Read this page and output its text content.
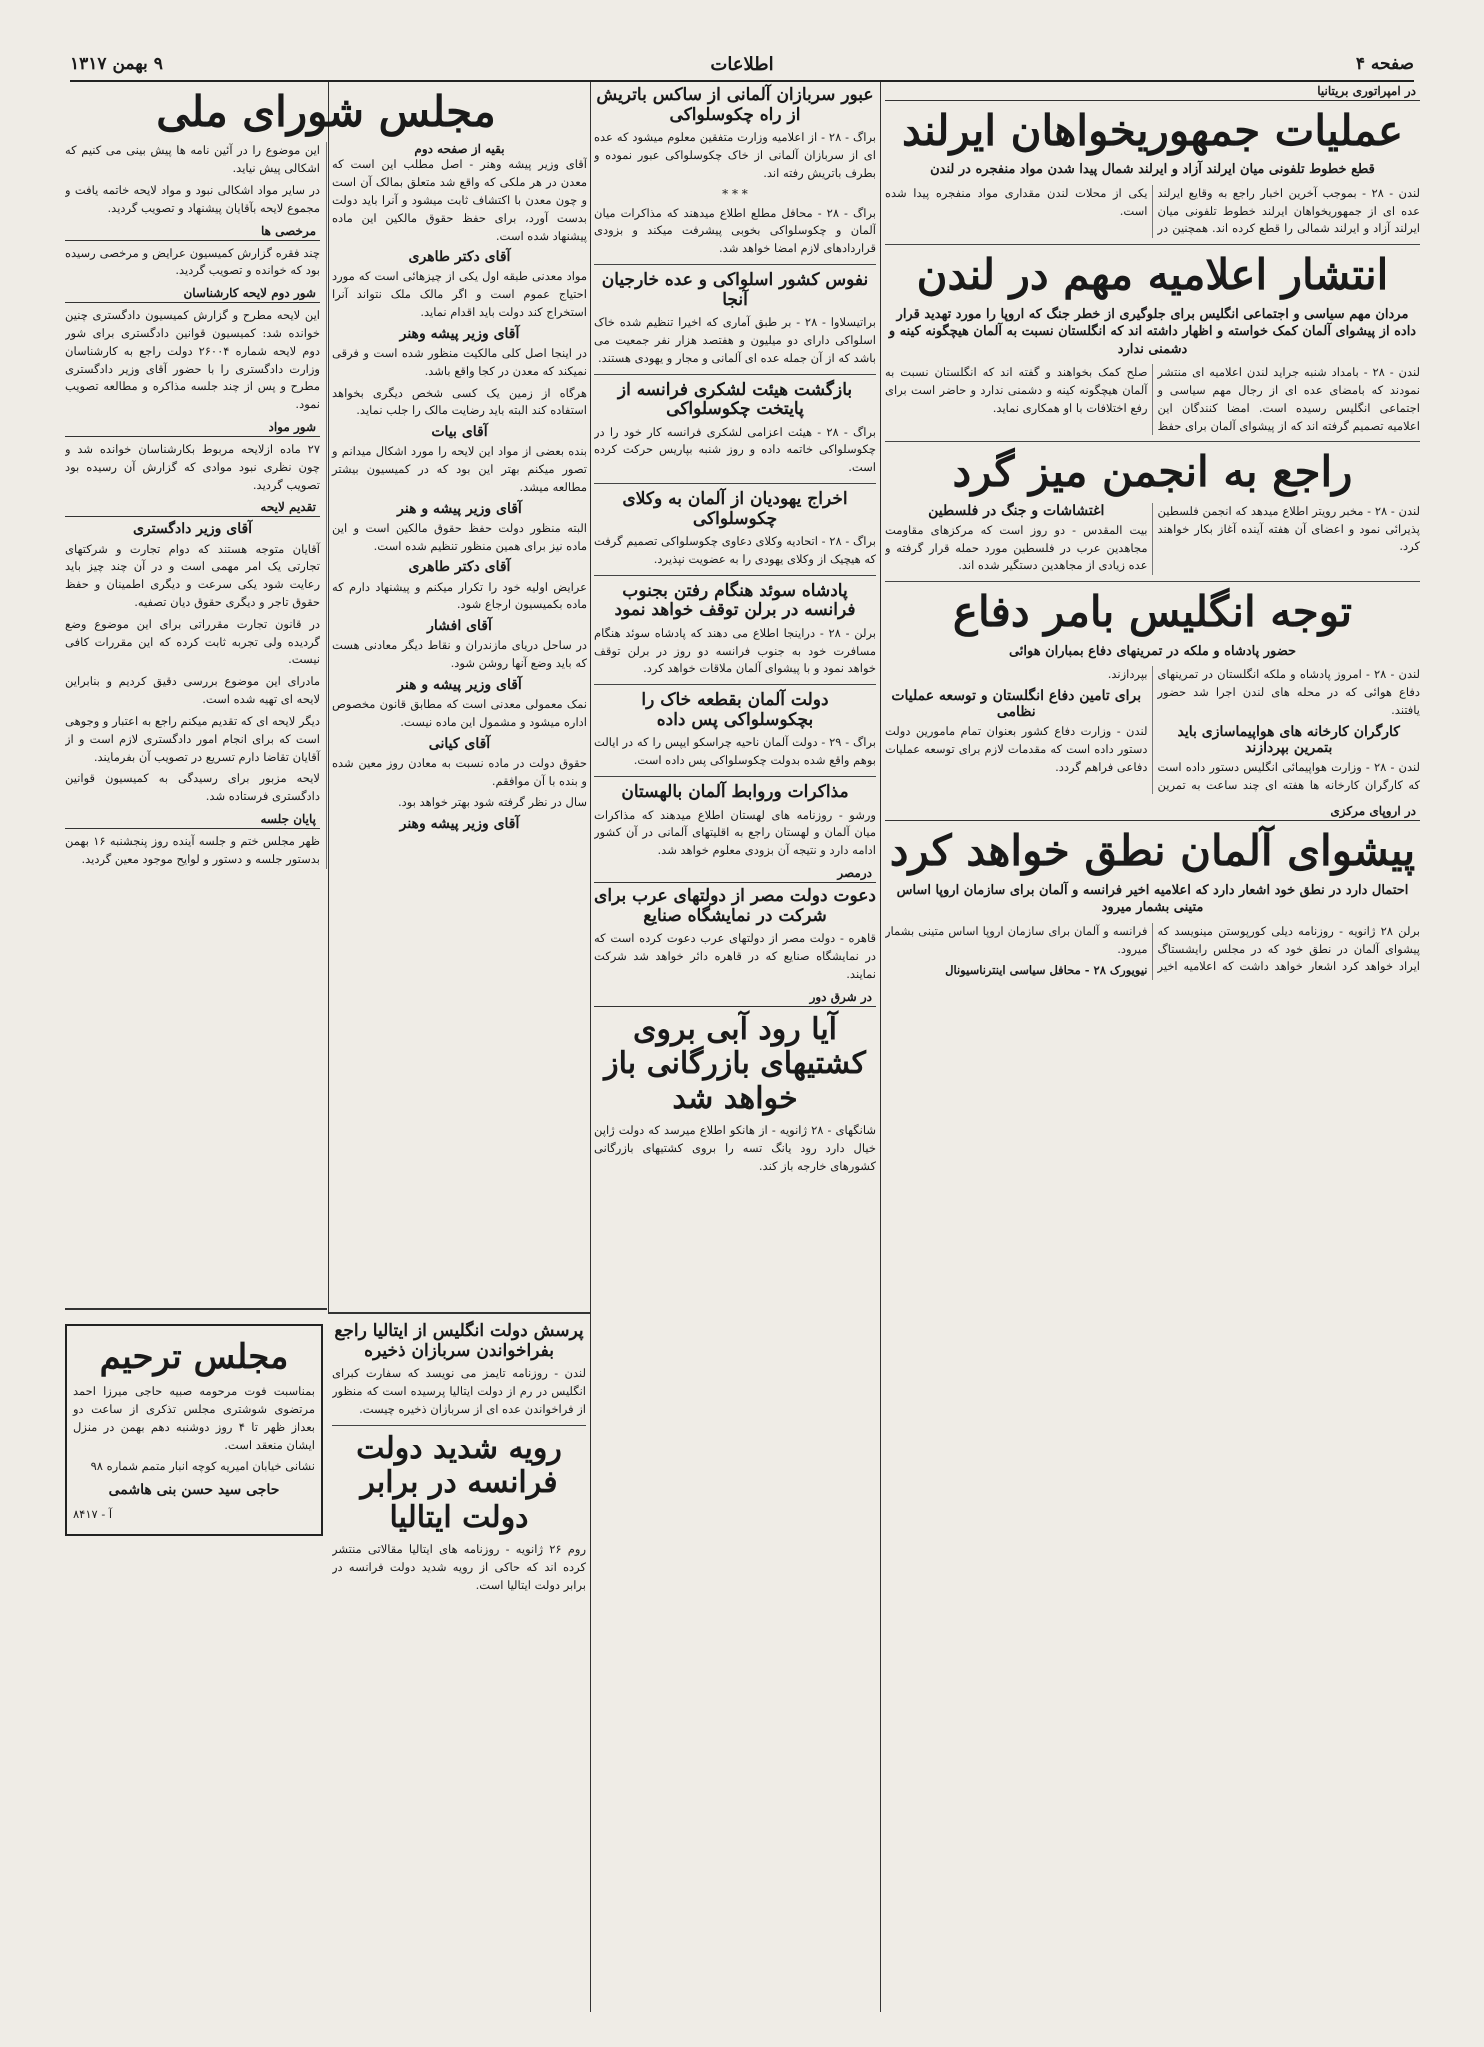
صفحه ۴
اطلاعات
۹ بهمن ۱۳۱۷
در امپراتوری بریتانیا
عملیات جمهوریخواهان ایرلند
قطع خطوط تلفونی میان ایرلند آزاد و ایرلند شمال پیدا شدن مواد منفجره در لندن

لندن - ۲۸ - بموجب آخرین اخبار راجع به وقایع ایرلند عده ای از جمهوریخواهان ایرلند خطوط تلفونی میان ایرلند آزاد و ایرلند شمالی را قطع کرده اند. همچنین در یکی از محلات لندن مقداری مواد منفجره پیدا شده است.

انتشار اعلامیه مهم در لندن
مردان مهم سیاسی و اجتماعی انگلیس برای جلوگیری از خطر جنگ که اروپا را مورد تهدید قرار داده از پیشوای آلمان کمک خواسته و اظهار داشته اند که انگلستان نسبت به آلمان هیچگونه کینه و دشمنی ندارد

لندن - ۲۸ - بامداد شنبه جراید لندن اعلامیه ای منتشر نمودند که بامضای عده ای از رجال مهم سیاسی و اجتماعی انگلیس رسیده است. امضا کنندگان این اعلامیه تصمیم گرفته اند که از پیشوای آلمان برای حفظ صلح کمک بخواهند و گفته اند که انگلستان نسبت به آلمان هیچگونه کینه و دشمنی ندارد و حاضر است برای رفع اختلافات با او همکاری نماید.

راجع به انجمن میز گرد

لندن - ۲۸ - مخبر رویتر اطلاع میدهد که انجمن فلسطین پذیرائی نمود و اعضای آن هفته آینده آغاز بکار خواهند کرد.

اغتشاشات و جنگ در فلسطین

بیت المقدس - دو روز است که مرکزهای مقاومت مجاهدین عرب در فلسطین مورد حمله قرار گرفته و عده زیادی از مجاهدین دستگیر شده اند.

توجه انگلیس بامر دفاع
حضور پادشاه و ملکه در تمرینهای دفاع بمباران هوائی

لندن - ۲۸ - امروز پادشاه و ملکه انگلستان در تمرینهای دفاع هوائی که در محله های لندن اجرا شد حضور یافتند.

کارگران کارخانه های هواپیماسازی باید بتمرین بپردازند

لندن - ۲۸ - وزارت هواپیمائی انگلیس دستور داده است که کارگران کارخانه ها هفته ای چند ساعت به تمرین بپردازند.

برای تامین دفاع انگلستان و توسعه عملیات نظامی

لندن - وزارت دفاع کشور بعنوان تمام مامورین دولت دستور داده است که مقدمات لازم برای توسعه عملیات دفاعی فراهم گردد.

در اروپای مرکزی
پیشوای آلمان نطق خواهد کرد
احتمال دارد در نطق خود اشعار دارد که اعلامیه اخیر فرانسه و آلمان برای سازمان اروپا اساس متینی بشمار میرود

برلن ۲۸ ژانویه - روزنامه دیلی کورپوستن مینویسد که پیشوای آلمان در نطق خود که در مجلس رایشستاگ ایراد خواهد کرد اشعار خواهد داشت که اعلامیه اخیر فرانسه و آلمان برای سازمان اروپا اساس متینی بشمار میرود.

نیویورک ۲۸ - محافل سیاسی اینترناسیونال

عبور سربازان آلمانی از ساکس باتریش از راه چکوسلواکی

براگ - ۲۸ - از اعلامیه وزارت متفقین معلوم میشود که عده ای از سربازان آلمانی از خاک چکوسلواکی عبور نموده و بطرف باتریش رفته اند.

* * *

براگ - ۲۸ - محافل مطلع اطلاع میدهند که مذاکرات میان آلمان و چکوسلواکی بخوبی پیشرفت میکند و بزودی قراردادهای لازم امضا خواهد شد.

نفوس کشور اسلواکی و عده خارجیان آنجا

براتیسلاوا - ۲۸ - بر طبق آماری که اخیرا تنظیم شده خاک اسلواکی دارای دو میلیون و هفتصد هزار نفر جمعیت می باشد که از آن جمله عده ای آلمانی و مجار و یهودی هستند.

بازگشت هیئت لشکری فرانسه از پایتخت چکوسلواکی

براگ - ۲۸ - هیئت اعزامی لشکری فرانسه کار خود را در چکوسلواکی خاتمه داده و روز شنبه بپاریس حرکت کرده است.

اخراج یهودیان از آلمان به وکلای چکوسلواکی

براگ - ۲۸ - اتحادیه وکلای دعاوی چکوسلواکی تصمیم گرفت که هیچیک از وکلای یهودی را به عضویت نپذیرد.

پادشاه سوئد هنگام رفتن بجنوب فرانسه در برلن توقف خواهد نمود

برلن - ۲۸ - دراینجا اطلاع می دهند که پادشاه سوئد هنگام مسافرت خود به جنوب فرانسه دو روز در برلن توقف خواهد نمود و با پیشوای آلمان ملاقات خواهد کرد.

دولت آلمان بقطعه خاک را بچکوسلواکی پس داده

براگ - ۲۹ - دولت آلمان ناحیه چراسکو ایپس را که در ایالت بوهم واقع شده بدولت چکوسلواکی پس داده است.

مذاکرات وروابط آلمان بالهستان

ورشو - روزنامه های لهستان اطلاع میدهند که مذاکرات میان آلمان و لهستان راجع به اقلیتهای آلمانی در آن کشور ادامه دارد و نتیجه آن بزودی معلوم خواهد شد.

درمصر
دعوت دولت مصر از دولتهای عرب برای شرکت در نمایشگاه صنایع

قاهره - دولت مصر از دولتهای عرب دعوت کرده است که در نمایشگاه صنایع که در قاهره دائر خواهد شد شرکت نمایند.

در شرق دور
آیا رود آبی بروی کشتیهای بازرگانی باز خواهد شد

شانگهای - ۲۸ ژانویه - از هانکو اطلاع میرسد که دولت ژاپن خیال دارد رود یانگ تسه را بروی کشتیهای بازرگانی کشورهای خارجه باز کند.

پرسش دولت انگلیس از ایتالیا راجع بفراخواندن سربازان ذخیره

لندن - روزنامه تایمز می نویسد که سفارت کبرای انگلیس در رم از دولت ایتالیا پرسیده است که منظور از فراخواندن عده ای از سربازان ذخیره چیست.

رویه شدید دولت فرانسه در برابر دولت ایتالیا

روم ۲۶ ژانویه - روزنامه های ایتالیا مقالاتی منتشر کرده اند که حاکی از رویه شدید دولت فرانسه در برابر دولت ایتالیا است.

مجلس شورای ملی
بقیه از صفحه دوم

آقای وزیر پیشه وهنر - اصل مطلب این است که معدن در هر ملکی که واقع شد متعلق بمالک آن است و چون معدن با اکتشاف ثابت میشود و آنرا باید دولت بدست آورد، برای حفظ حقوق مالکین این ماده پیشنهاد شده است.

آقای دکتر طاهری

مواد معدنی طبقه اول یکی از چیزهائی است که مورد احتیاج عموم است و اگر مالک ملک نتواند آنرا استخراج کند دولت باید اقدام نماید.

آقای وزیر پیشه وهنر

در اینجا اصل کلی مالکیت منظور شده است و فرقی نمیکند که معدن در کجا واقع باشد.

هرگاه از زمین یک کسی شخص دیگری بخواهد استفاده کند البته باید رضایت مالک را جلب نماید.

آقای بیات

بنده بعضی از مواد این لایحه را مورد اشکال میدانم و تصور میکنم بهتر این بود که در کمیسیون بیشتر مطالعه میشد.

آقای وزیر پیشه و هنر

البته منظور دولت حفظ حقوق مالکین است و این ماده نیز برای همین منظور تنظیم شده است.

آقای دکتر طاهری

عرایض اولیه خود را تکرار میکنم و پیشنهاد دارم که ماده بکمیسیون ارجاع شود.

آقای افشار

در ساحل دریای مازندران و نقاط دیگر معادنی هست که باید وضع آنها روشن شود.

آقای وزیر پیشه و هنر

نمک معمولی معدنی است که مطابق قانون مخصوص اداره میشود و مشمول این ماده نیست.

آقای کیانی

حقوق دولت در ماده نسبت به معادن روز معین شده و بنده با آن موافقم.

سال در نظر گرفته شود بهتر خواهد بود.

آقای وزیر پیشه وهنر

این موضوع را در آئین نامه ها پیش بینی می کنیم که اشکالی پیش نیاید.

در سایر مواد اشکالی نبود و مواد لایحه خاتمه یافت و مجموع لایحه بآقایان پیشنهاد و تصویب گردید.

مرخصی ها

چند فقره گزارش کمیسیون عرایض و مرخصی رسیده بود که خوانده و تصویب گردید.

شور دوم لایحه کارشناسان

این لایحه مطرح و گزارش کمیسیون دادگستری چنین خوانده شد: کمیسیون قوانین دادگستری برای شور دوم لایحه شماره ۲۶۰۰۴ دولت راجع به کارشناسان وزارت دادگستری را با حضور آقای وزیر دادگستری مطرح و پس از چند جلسه مذاکره و مطالعه تصویب نمود.

شور مواد

۲۷ ماده ازلایحه مربوط بکارشناسان خوانده شد و چون نظری نبود موادی که گزارش آن رسیده بود تصویب گردید.

تقدیم لایحه
آقای وزیر دادگستری

آقایان متوجه هستند که دوام تجارت و شرکتهای تجارتی یک امر مهمی است و در آن چند چیز باید رعایت شود یکی سرعت و دیگری اطمینان و حفظ حقوق تاجر و دیگری حقوق دیان تصفیه.

در قانون تجارت مقرراتی برای این موضوع وضع گردیده ولی تجربه ثابت کرده که این مقررات کافی نیست.

مادرای این موضوع بررسی دقیق کردیم و بنابراین لایحه ای تهیه شده است.

دیگر لایحه ای که تقدیم میکنم راجع به اعتبار و وجوهی است که برای انجام امور دادگستری لازم است و از آقایان تقاضا دارم تسریع در تصویب آن بفرمایند.

لایحه مزبور برای رسیدگی به کمیسیون قوانین دادگستری فرستاده شد.

پایان جلسه

ظهر مجلس ختم و جلسه آینده روز پنجشنبه ۱۶ بهمن بدستور جلسه و دستور و لوایح موجود معین گردید.

مجلس ترحیم

بمناسبت فوت مرحومه صبیه حاجی میرزا احمد مرتضوی شوشتری مجلس تذکری از ساعت دو بعداز ظهر تا ۴ روز دوشنبه دهم بهمن در منزل ایشان منعقد است.

نشانی خیابان امیریه کوچه انبار متمم شماره ۹۸

حاجی سید حسن بنی هاشمی

آ - ۸۴۱۷
